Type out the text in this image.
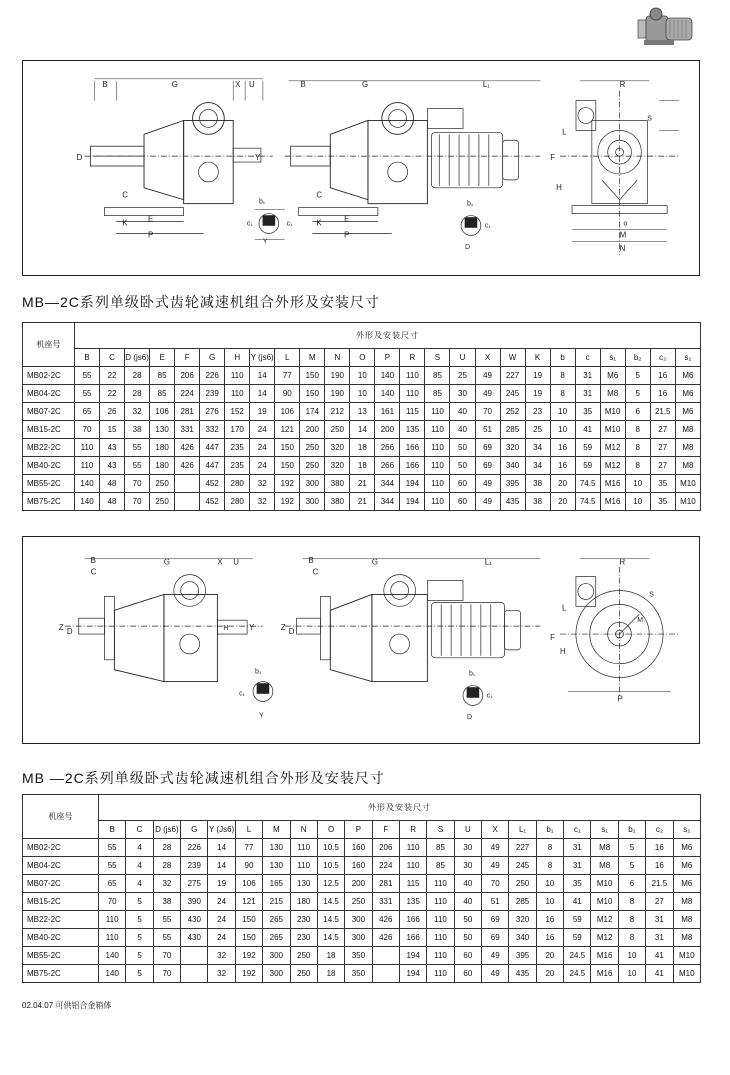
B	G	X U
D	Y
C
K	E
P
b₁
c₁	c₁
Y
B	G	L₁
C
K	E
P
b₁
c₁
D
R
S
F
L
H
o
M
N
MB—2C系列单级卧式齿轮减速机组合外形及安装尺寸
机座号	外形及安装尺寸																								
	B	C	D (js6)	E	F	G	H	Y (js6)	L	M	N	O	P	R	S	U	X	W	K	b	c	s₁	b₂	c₂	s₂
MB02-2C	55	22	28	85	206	226	110	14	77	150	190	10	140	110	85	25	49	227	19	8	31	M6	5	16	M6
MB04-2C	55	22	28	85	224	239	110	14	90	150	190	10	140	110	85	30	49	245	19	8	31	M8	5	16	M6
MB07-2C	65	26	32	106	281	276	152	19	106	174	212	13	161	115	110	40	70	252	23	10	35	M10	6	21.5	M6
MB15-2C	70	15	38	130	331	332	170	24	121	200	250	14	200	135	110	40	51	285	25	10	41	M10	8	27	M8
MB22-2C	110	43	55	180	426	447	235	24	150	250	320	18	266	166	110	50	69	320	34	16	59	M12	8	27	M8
MB40-2C	110	43	55	180	426	447	235	24	150	250	320	18	266	166	110	50	69	340	34	16	59	M12	8	27	M8
MB55-2C	140	48	70	250		452	280	32	192	300	380	21	344	194	110	60	49	395	38	20	74.5	M16	10	35	M10
MB75-2C	140	48	70	250		452	280	32	192	300	380	21	344	194	110	60	49	435	38	20	74.5	M16	10	35	M10
B
C
G	X U
Z D	H	Y
b₁
c₁
Y
B
C
G	L₁
Z D
b₁
c₁
D
R
S
F
L
H
M
P
MB —2C系列单级卧式齿轮减速机组合外形及安装尺寸
机座号	外形及安装尺寸																					
	B	C	D (js6)	G	Y (Js6)	L	M	N	O	P	F	R	S	U	X	L₁	b₁	c₁	s₁	b₂	c₂	s₂
MB02-2C	55	4	28	226	14	77	130	110	10.5	160	206	110	85	30	49	227	8	31	M8	5	16	M6
MB04-2C	55	4	28	239	14	90	130	110	10.5	160	224	110	85	30	49	245	8	31	M8	5	16	M6
MB07-2C	65	4	32	275	19	106	165	130	12.5	200	281	115	110	40	70	250	10	35	M10	6	21.5	M6
MB15-2C	70	5	38	390	24	121	215	180	14.5	250	331	135	110	40	51	285	10	41	M10	8	27	M8
MB22-2C	110	5	55	430	24	150	265	230	14.5	300	426	166	110	50	69	320	16	59	M12	8	31	M8
MB40-2C	110	5	55	430	24	150	265	230	14.5	300	426	166	110	50	69	340	16	59	M12	8	31	M8
MB55-2C	140	5	70		32	192	300	250	18	350		194	110	60	49	395	20	24.5	M16	10	41	M10
MB75-2C	140	5	70		32	192	300	250	18	350		194	110	60	49	435	20	24.5	M16	10	41	M10
02.04.07 可供铝合金箱体
